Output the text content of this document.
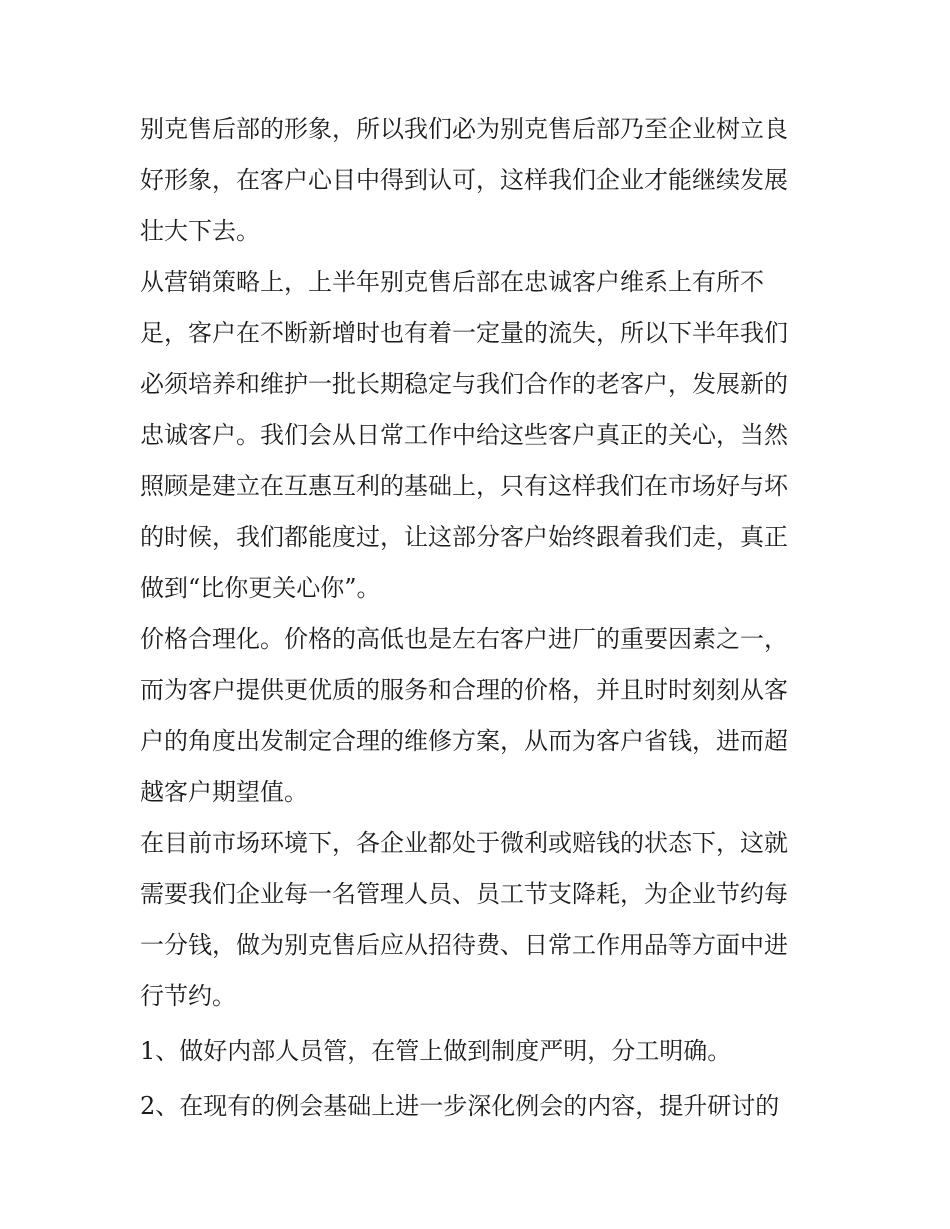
别克售后部的形象，所以我们必为别克售后部乃至企业树立良
好形象，在客户心目中得到认可，这样我们企业才能继续发展
壮大下去。

从营销策略上，上半年别克售后部在忠诚客户维系上有所不
足，客户在不断新增时也有着一定量的流失，所以下半年我们
必须培养和维护一批长期稳定与我们合作的老客户，发展新的
忠诚客户。我们会从日常工作中给这些客户真正的关心，当然
照顾是建立在互惠互利的基础上，只有这样我们在市场好与坏
的时候，我们都能度过，让这部分客户始终跟着我们走，真正
做到“比你更关心你”。

价格合理化。价格的高低也是左右客户进厂的重要因素之一，
而为客户提供更优质的服务和合理的价格，并且时时刻刻从客
户的角度出发制定合理的维修方案，从而为客户省钱，进而超
越客户期望值。

在目前市场环境下，各企业都处于微利或赔钱的状态下，这就
需要我们企业每一名管理人员、员工节支降耗，为企业节约每
一分钱，做为别克售后应从招待费、日常工作用品等方面中进
行节约。

1、做好内部人员管，在管上做到制度严明，分工明确。

2、在现有的例会基础上进一步深化例会的内容，提升研讨的
